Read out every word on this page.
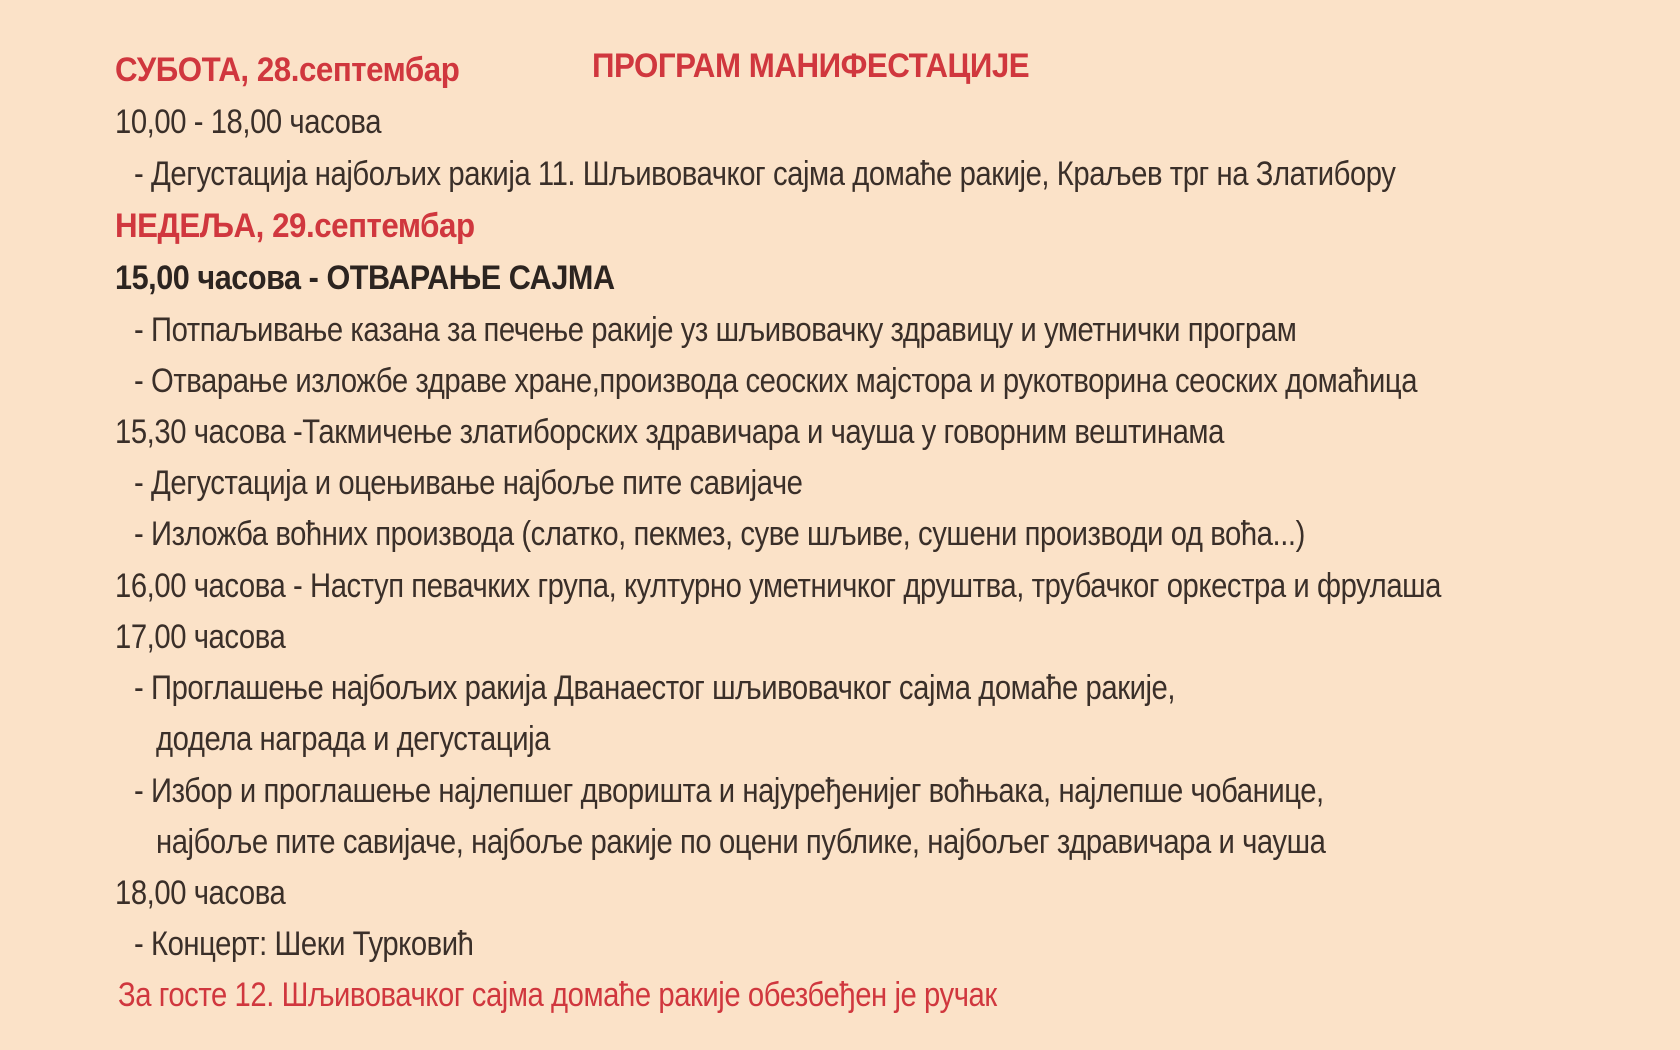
ПРОГРАМ МАНИФЕСТАЦИЈЕ
СУБОТА, 28.септембар
10,00 - 18,00 часова
- Дегустација најбољих ракија 11. Шљивовачког сајма домаће ракије, Краљев трг на Златибору
НЕДЕЉА, 29.септембар
15,00 часова - ОТВАРАЊЕ САЈМА
- Потпаљивање казана за печење ракије уз шљивовачку здравицу и уметнички програм
- Отварање изложбе здраве хране,производа сеоских мајстора и рукотворина сеоских домаћица
15,30 часова -Такмичење златиборских здравичара и чауша у говорним вештинама
- Дегустација и оцењивање најбоље пите савијаче
- Изложба воћних производа (слатко, пекмез, суве шљиве, сушени производи од воћа...)
16,00 часова - Наступ певачких група, културно уметничког друштва, трубачког оркестра и фрулаша
17,00 часова
- Проглашење најбољих ракија Дванаестог шљивовачког сајма домаће ракије,
додела награда и дегустација
- Избор и проглашење најлепшег дворишта и најуређенијег воћњака, најлепше чобанице,
најбоље пите савијаче, најбоље ракије по оцени публике, најбољег здравичара и чауша
18,00 часова
- Концерт: Шеки Турковић
За госте 12. Шљивовачког сајма домаће ракије обезбеђен је ручак
